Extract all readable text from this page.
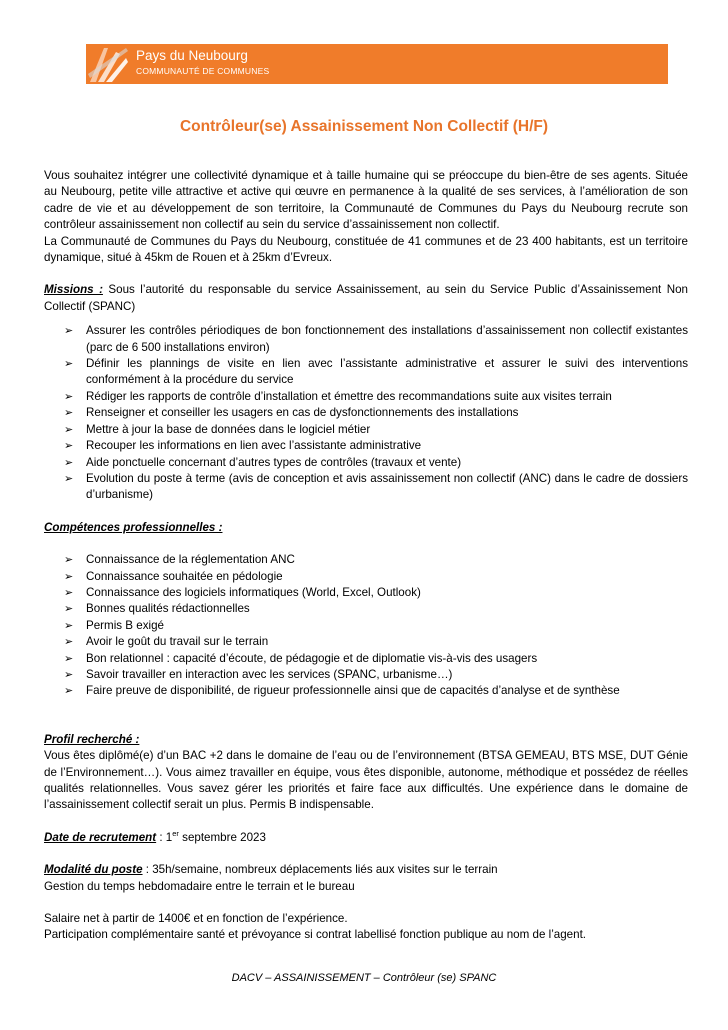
Pays du Neubourg
COMMUNAUTÉ DE COMMUNES
Contrôleur(se) Assainissement Non Collectif (H/F)

Vous souhaitez intégrer une collectivité dynamique et à taille humaine qui se préoccupe du bien-être de ses agents. Située au Neubourg, petite ville attractive et active qui œuvre en permanence à la qualité de ses services, à l’amélioration de son cadre de vie et au développement de son territoire, la Communauté de Communes du Pays du Neubourg recrute son contrôleur assainissement non collectif au sein du service d’assainissement non collectif.

La Communauté de Communes du Pays du Neubourg, constituée de 41 communes et de 23 400 habitants, est un territoire dynamique, situé à 45km de Rouen et à 25km d’Evreux.

Missions : Sous l’autorité du responsable du service Assainissement, au sein du Service Public d’Assainissement Non Collectif (SPANC)

➢ Assurer les contrôles périodiques de bon fonctionnement des installations d’assainissement non collectif existantes (parc de 6 500 installations environ)
➢ Définir les plannings de visite en lien avec l’assistante administrative et assurer le suivi des interventions conformément à la procédure du service
➢ Rédiger les rapports de contrôle d’installation et émettre des recommandations suite aux visites terrain
➢ Renseigner et conseiller les usagers en cas de dysfonctionnements des installations
➢ Mettre à jour la base de données dans le logiciel métier
➢ Recouper les informations en lien avec l’assistante administrative
➢ Aide ponctuelle concernant d’autres types de contrôles (travaux et vente)
➢ Evolution du poste à terme (avis de conception et avis assainissement non collectif (ANC) dans le cadre de dossiers d’urbanisme)

Compétences professionnelles :

➢ Connaissance de la réglementation ANC
➢ Connaissance souhaitée en pédologie
➢ Connaissance des logiciels informatiques (World, Excel, Outlook)
➢ Bonnes qualités rédactionnelles
➢ Permis B exigé
➢ Avoir le goût du travail sur le terrain
➢ Bon relationnel : capacité d’écoute, de pédagogie et de diplomatie vis-à-vis des usagers
➢ Savoir travailler en interaction avec les services (SPANC, urbanisme…)
➢ Faire preuve de disponibilité, de rigueur professionnelle ainsi que de capacités d’analyse et de synthèse

Profil recherché :

Vous êtes diplômé(e) d’un BAC +2 dans le domaine de l’eau ou de l’environnement (BTSA GEMEAU, BTS MSE, DUT Génie de l’Environnement…). Vous aimez travailler en équipe, vous êtes disponible, autonome, méthodique et possédez de réelles qualités relationnelles. Vous savez gérer les priorités et faire face aux difficultés. Une expérience dans le domaine de l’assainissement collectif serait un plus. Permis B indispensable.

Date de recrutement : 1er septembre 2023

Modalité du poste : 35h/semaine, nombreux déplacements liés aux visites sur le terrain

Gestion du temps hebdomadaire entre le terrain et le bureau

Salaire net à partir de 1400€ et en fonction de l’expérience.

Participation complémentaire santé et prévoyance si contrat labellisé fonction publique au nom de l’agent.

DACV – ASSAINISSEMENT – Contrôleur (se) SPANC
